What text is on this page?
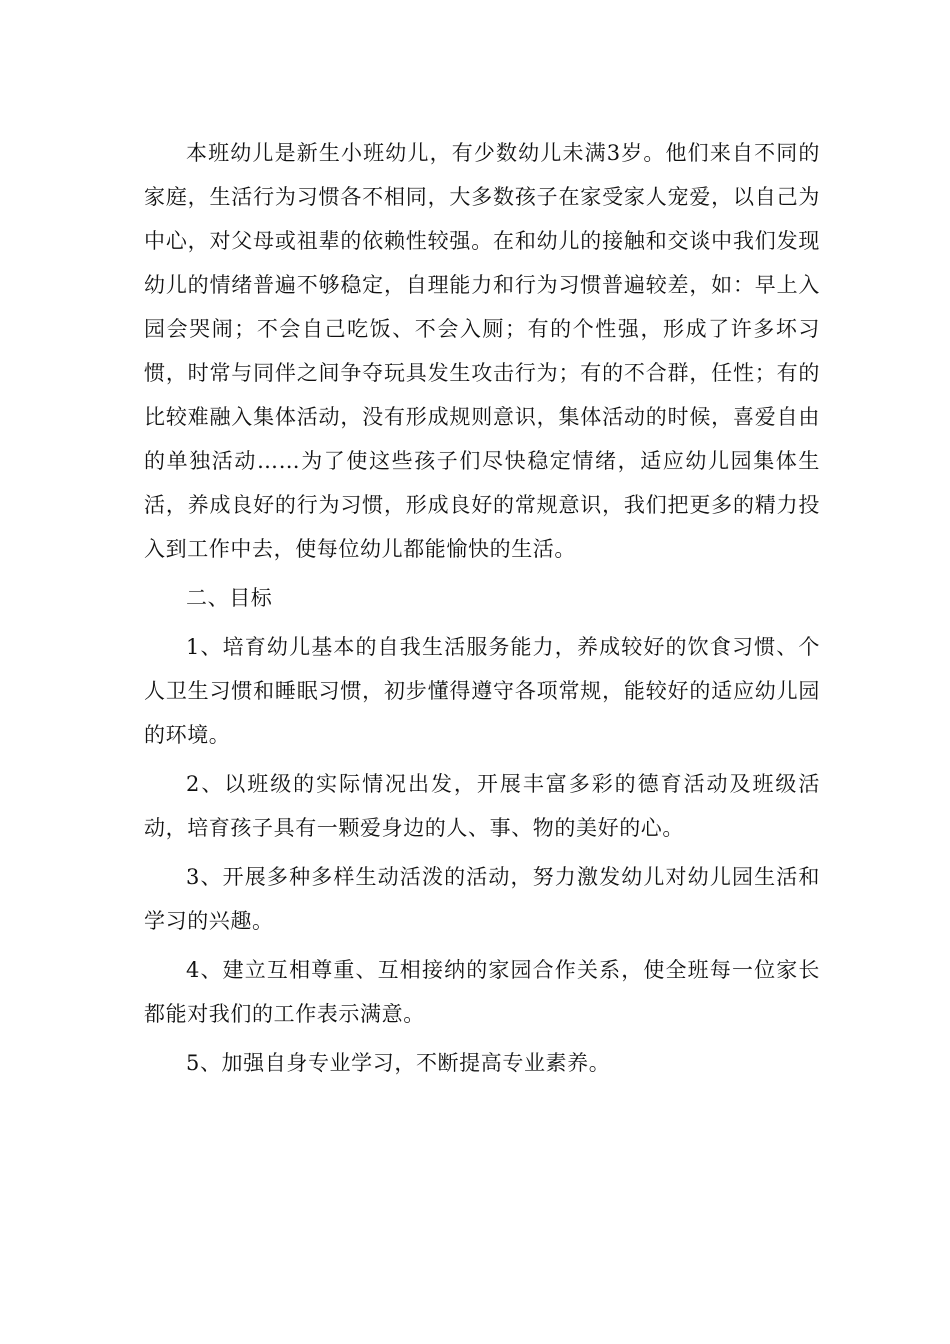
本班幼儿是新生小班幼儿，有少数幼儿未满3岁。他们来自不同的家庭，生活行为习惯各不相同，大多数孩子在家受家人宠爱，以自己为中心，对父母或祖辈的依赖性较强。在和幼儿的接触和交谈中我们发现幼儿的情绪普遍不够稳定，自理能力和行为习惯普遍较差，如：早上入园会哭闹；不会自己吃饭、不会入厕；有的个性强，形成了许多坏习惯，时常与同伴之间争夺玩具发生攻击行为；有的不合群，任性；有的比较难融入集体活动，没有形成规则意识，集体活动的时候，喜爱自由的单独活动……为了使这些孩子们尽快稳定情绪，适应幼儿园集体生活，养成良好的行为习惯，形成良好的常规意识，我们把更多的精力投入到工作中去，使每位幼儿都能愉快的生活。

二、目标

1、培育幼儿基本的自我生活服务能力，养成较好的饮食习惯、个人卫生习惯和睡眠习惯，初步懂得遵守各项常规，能较好的适应幼儿园的环境。

2、以班级的实际情况出发，开展丰富多彩的德育活动及班级活动，培育孩子具有一颗爱身边的人、事、物的美好的心。

3、开展多种多样生动活泼的活动，努力激发幼儿对幼儿园生活和学习的兴趣。

4、建立互相尊重、互相接纳的家园合作关系，使全班每一位家长都能对我们的工作表示满意。

5、加强自身专业学习，不断提高专业素养。
